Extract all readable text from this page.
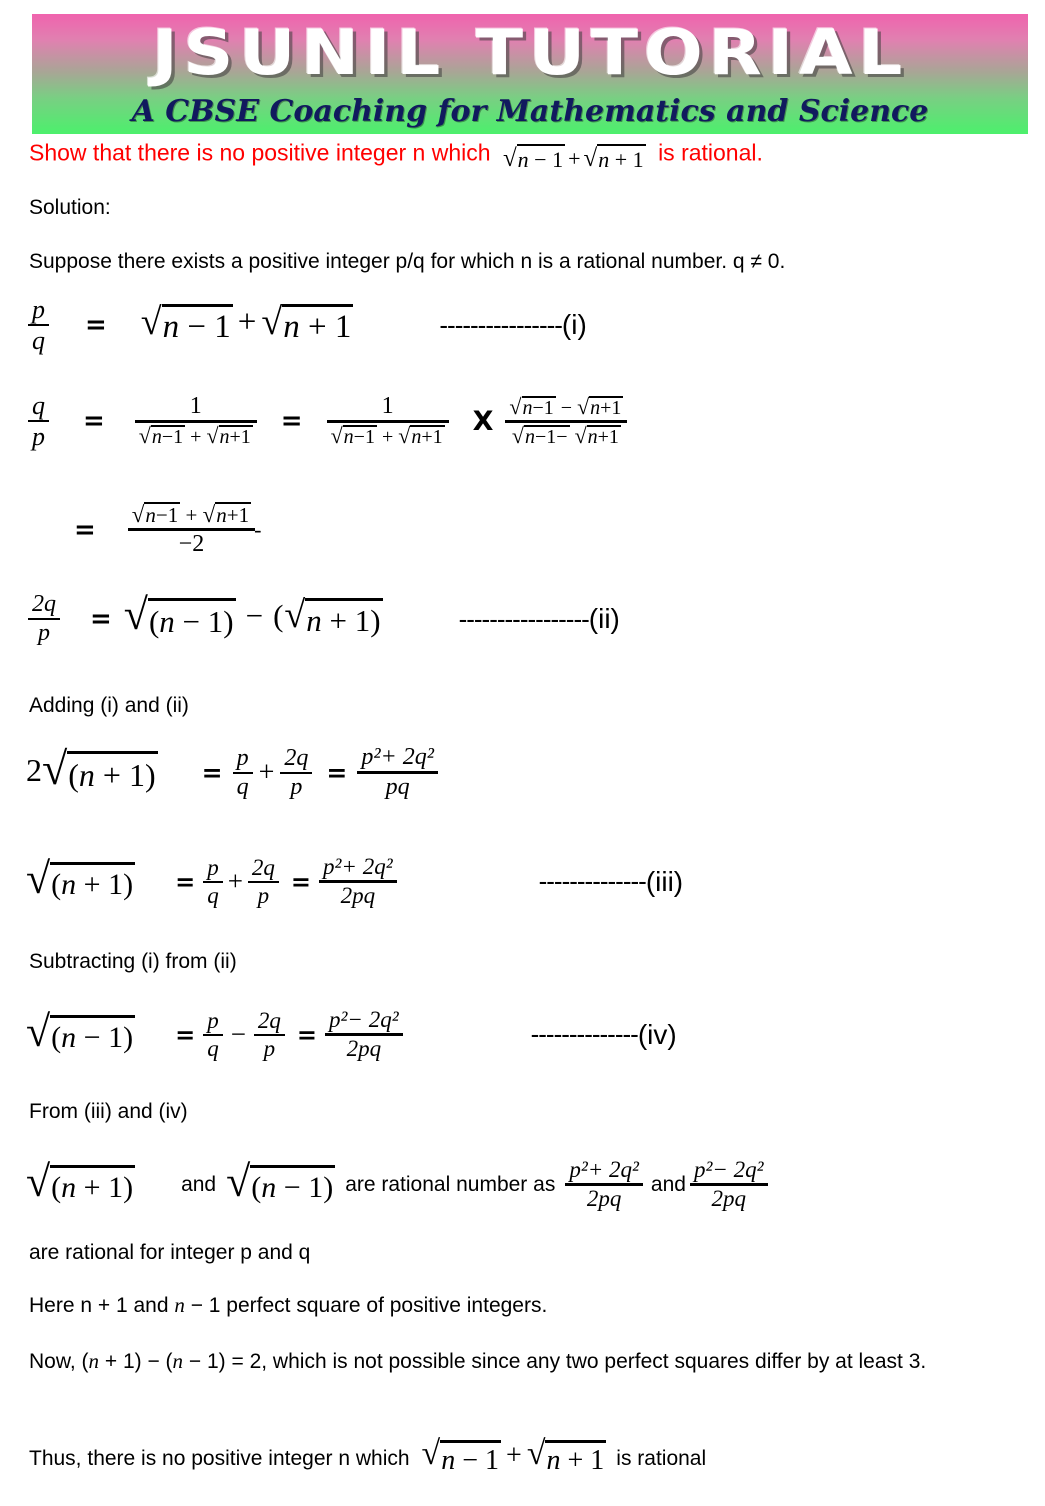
JSUNIL TUTORIAL
A CBSE Coaching for Mathematics and Science
Show that there is no positive integer n which √ n − 1 + √ n + 1 is rational.
Solution:
Suppose there exists a positive integer p/q for which n is a rational number. q ≠ 0.
$\frac{p}{q}$ = √ n − 1 + √ n + 1	---------------- (i)
$\frac{q}{p} = \frac{1}{√n-1 + √n+1} = \frac{1}{√n-1 + √n+1}$ X $\frac{√n-1 - √n+1}{√n-1- √n+1}$
= $\frac{√n-1 + √n+1}{-2}$ -
$\frac{2q}{p}$ = √ (n − 1) − ( √ n + 1)	----------------- (ii)
Adding (i) and (ii)
2 √ $(n + 1) = \frac{p}{q} + \frac{2q}{p} = \frac{\text{p²+ 2q²}}{pq}$
√ $(n + 1) = \frac{p}{q} + \frac{2q}{p} = \frac{\text{p²+ 2q²}}{2pq}$	-------------- (iii)
Subtracting (i) from (ii)
√ $(n - 1) = \frac{p}{q} - \frac{2q}{p} = \frac{\text{p²− 2q²}}{2pq}$	-------------- (iv)
From (iii) and (iv)
√ (n + 1) and √ (n − 1) are rational number as $\frac{\text{p²+ 2q²}}{2pq}$ and $\frac{\text{p²− 2q²}}{2pq}$
are rational for integer p and q
Here n + 1 and n − 1 perfect square of positive integers.
Now, (n + 1) − (n − 1) = 2, which is not possible since any two perfect squares differ by at least 3.
Thus, there is no positive integer n which √ n − 1 + √ n + 1 is rational
